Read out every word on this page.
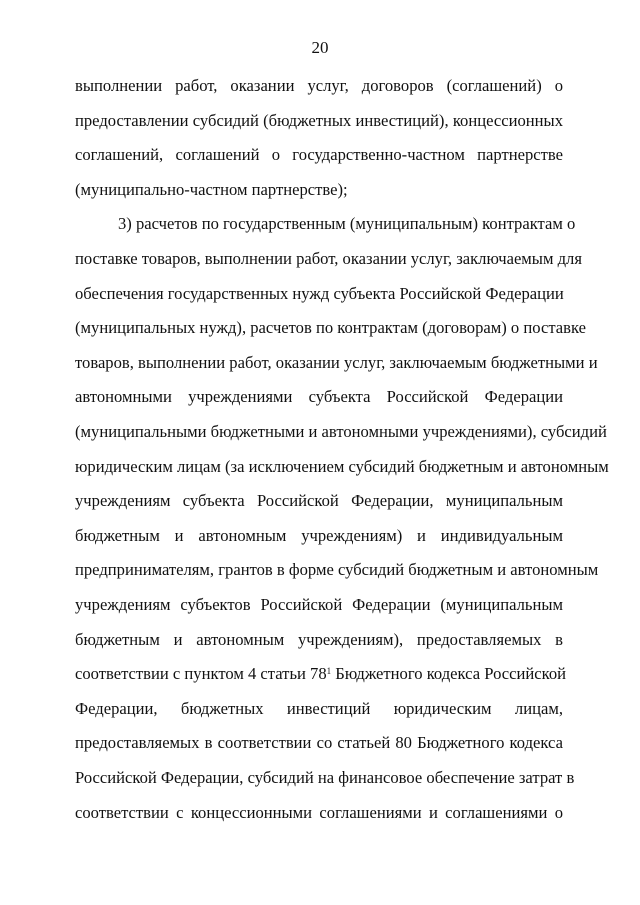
20
выполнении работ, оказании услуг, договоров (соглашений) о
предоставлении субсидий (бюджетных инвестиций), концессионных
соглашений, соглашений о государственно-частном партнерстве
(муниципально-частном партнерстве);
3) расчетов по государственным (муниципальным) контрактам о
поставке товаров, выполнении работ, оказании услуг, заключаемым для
обеспечения государственных нужд субъекта Российской Федерации
(муниципальных нужд), расчетов по контрактам (договорам) о поставке
товаров, выполнении работ, оказании услуг, заключаемым бюджетными и
автономными учреждениями субъекта Российской Федерации
(муниципальными бюджетными и автономными учреждениями), субсидий
юридическим лицам (за исключением субсидий бюджетным и автономным
учреждениям субъекта Российской Федерации, муниципальным
бюджетным и автономным учреждениям) и индивидуальным
предпринимателям, грантов в форме субсидий бюджетным и автономным
учреждениям субъектов Российской Федерации (муниципальным
бюджетным и автономным учреждениям), предоставляемых в
соответствии с пунктом 4 статьи $78^1$ Бюджетного кодекса Российской
Федерации, бюджетных инвестиций юридическим лицам,
предоставляемых в соответствии со статьей 80 Бюджетного кодекса
Российской Федерации, субсидий на финансовое обеспечение затрат в
соответствии с концессионными соглашениями и соглашениями о
